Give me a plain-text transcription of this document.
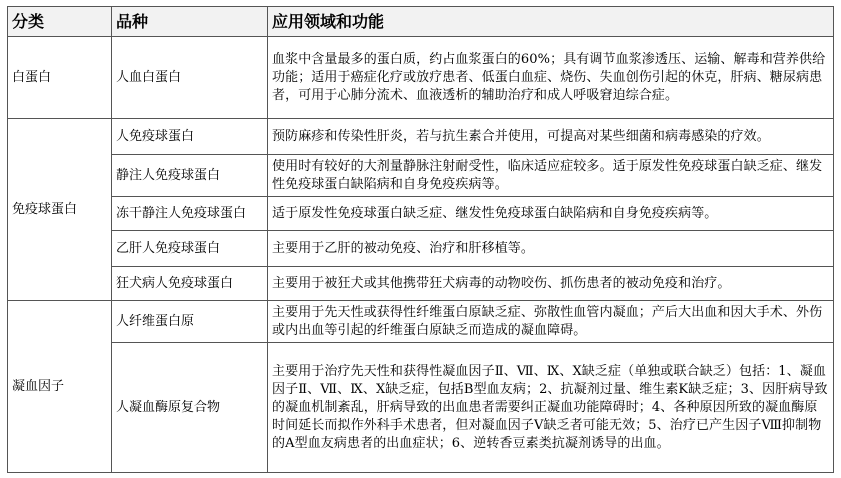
分类	品种	应用领域和功能
白蛋白	人血白蛋白	血浆中含量最多的蛋白质，约占血浆蛋白的60%；具有调节血浆渗透压、运输、解毒和营养供给功能；适用于癌症化疗或放疗患者、低蛋白血症、烧伤、失血创伤引起的休克，肝病、糖尿病患者，可用于心肺分流术、血液透析的辅助治疗和成人呼吸窘迫综合症。
免疫球蛋白	人免疫球蛋白	预防麻疹和传染性肝炎，若与抗生素合并使用，可提高对某些细菌和病毒感染的疗效。
	静注人免疫球蛋白	使用时有较好的大剂量静脉注射耐受性，临床适应症较多。适于原发性免疫球蛋白缺乏症、继发性免疫球蛋白缺陷病和自身免疫疾病等。
	冻干静注人免疫球蛋白	适于原发性免疫球蛋白缺乏症、继发性免疫球蛋白缺陷病和自身免疫疾病等。
	乙肝人免疫球蛋白	主要用于乙肝的被动免疫、治疗和肝移植等。
	狂犬病人免疫球蛋白	主要用于被狂犬或其他携带狂犬病毒的动物咬伤、抓伤患者的被动免疫和治疗。
凝血因子	人纤维蛋白原	主要用于先天性或获得性纤维蛋白原缺乏症、弥散性血管内凝血；产后大出血和因大手术、外伤或内出血等引起的纤维蛋白原缺乏而造成的凝血障碍。
	人凝血酶原复合物	主要用于治疗先天性和获得性凝血因子Ⅱ、Ⅶ、Ⅸ、Ⅹ缺乏症（单独或联合缺乏）包括：1、凝血因子Ⅱ、Ⅶ、Ⅸ、Ⅹ缺乏症，包括B型血友病；2、抗凝剂过量、维生素K缺乏症；3、因肝病导致的凝血机制紊乱，肝病导致的出血患者需要纠正凝血功能障碍时；4、各种原因所致的凝血酶原时间延长而拟作外科手术患者，但对凝血因子Ⅴ缺乏者可能无效；5、治疗已产生因子Ⅷ抑制物的A型血友病患者的出血症状；6、逆转香豆素类抗凝剂诱导的出血。
